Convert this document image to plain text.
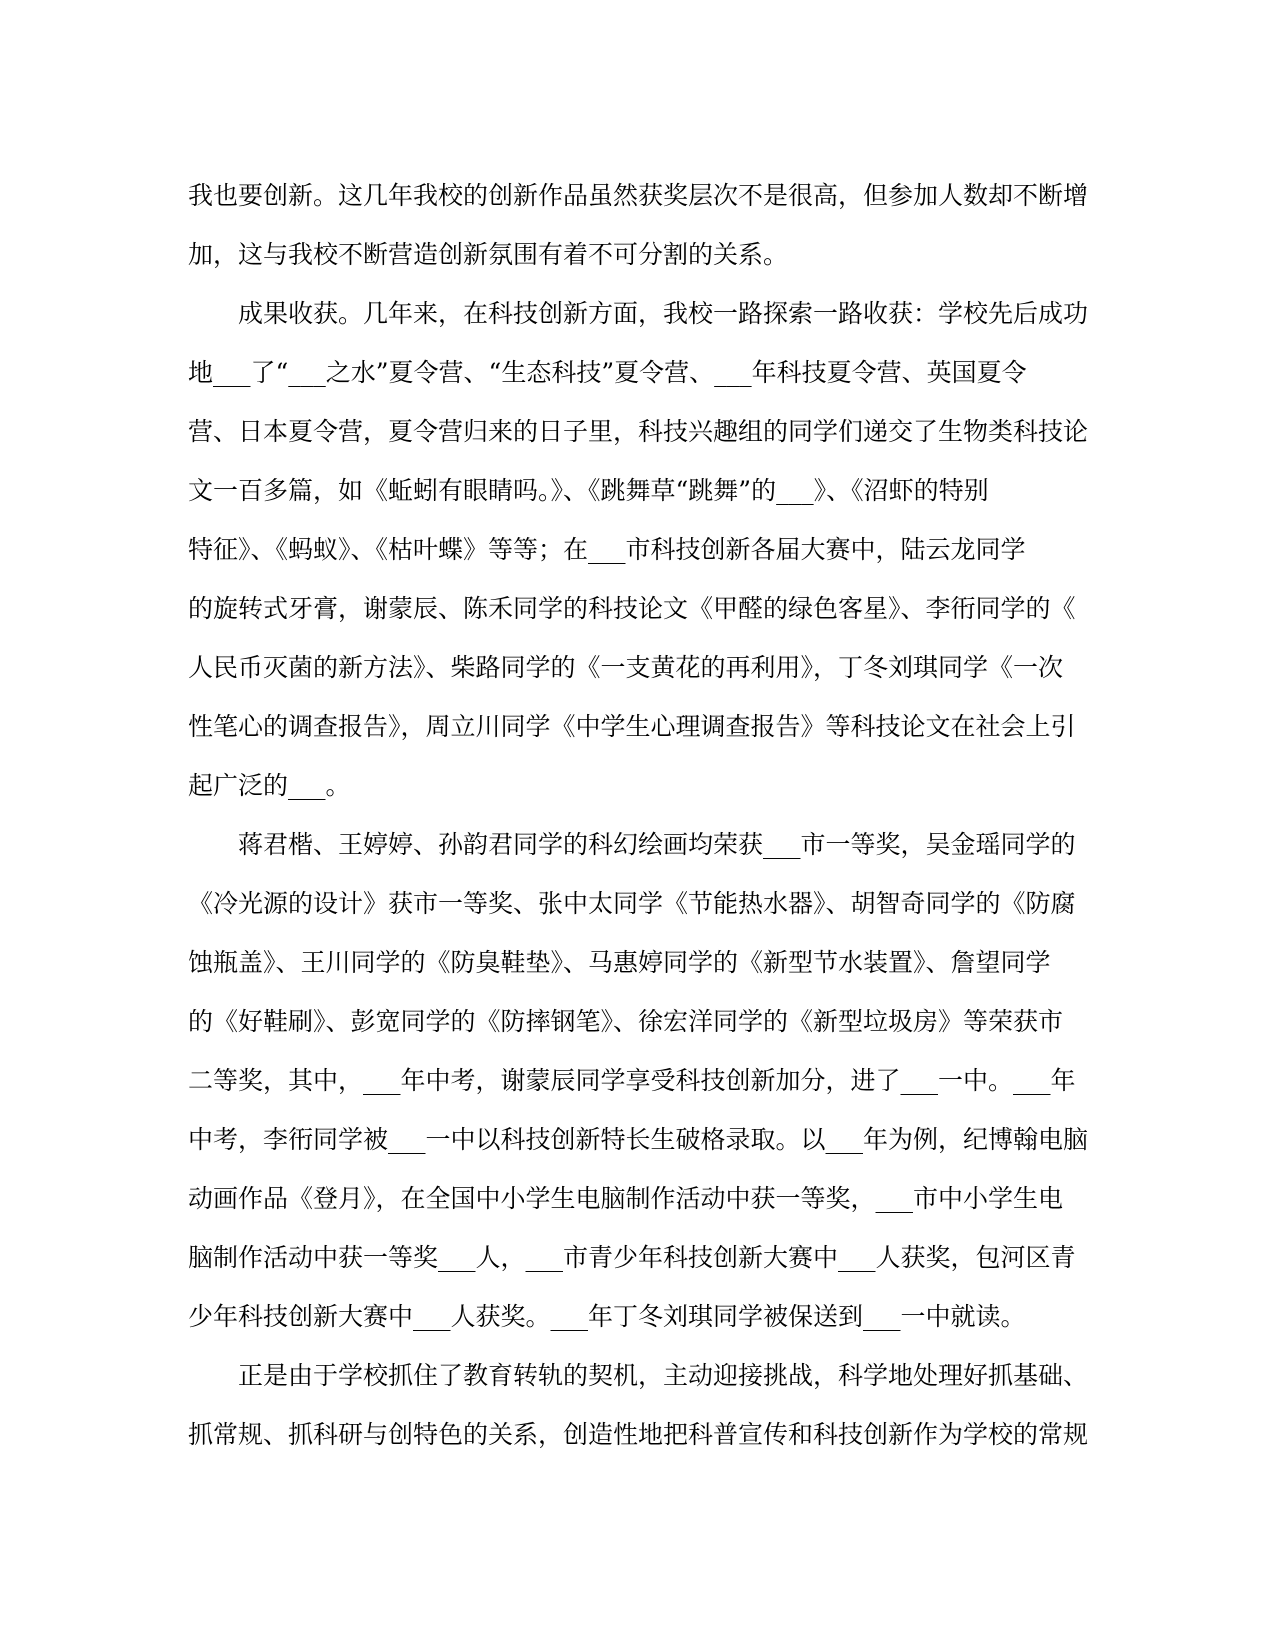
我也要创新。这几年我校的创新作品虽然获奖层次不是很高，但参加人数却不断增
加，这与我校不断营造创新氛围有着不可分割的关系。
成果收获。几年来，在科技创新方面，我校一路探索一路收获：学校先后成功
地___了“___之水”夏令营、“生态科技”夏令营、___年科技夏令营、英国夏令
营、日本夏令营，夏令营归来的日子里，科技兴趣组的同学们递交了生物类科技论
文一百多篇，如《蚯蚓有眼睛吗。》、《跳舞草“跳舞”的___》、《沼虾的特别
特征》、《蚂蚁》、《枯叶蝶》等等；在___市科技创新各届大赛中，陆云龙同学
的旋转式牙膏，谢蒙辰、陈禾同学的科技论文《甲醛的绿色客星》、李衎同学的《
人民币灭菌的新方法》、柴路同学的《一支黄花的再利用》，丁冬刘琪同学《一次
性笔心的调查报告》，周立川同学《中学生心理调查报告》等科技论文在社会上引
起广泛的___。
蒋君楷、王婷婷、孙韵君同学的科幻绘画均荣获___市一等奖，吴金瑶同学的
《冷光源的设计》获市一等奖、张中太同学《节能热水器》、胡智奇同学的《防腐
蚀瓶盖》、王川同学的《防臭鞋垫》、马惠婷同学的《新型节水装置》、詹望同学
的《好鞋刷》、彭宽同学的《防摔钢笔》、徐宏洋同学的《新型垃圾房》等荣获市
二等奖，其中，___年中考，谢蒙辰同学享受科技创新加分，进了___一中。___年
中考，李衎同学被___一中以科技创新特长生破格录取。以___年为例，纪博翰电脑
动画作品《登月》，在全国中小学生电脑制作活动中获一等奖，___市中小学生电
脑制作活动中获一等奖___人，___市青少年科技创新大赛中___人获奖，包河区青
少年科技创新大赛中___人获奖。___年丁冬刘琪同学被保送到___一中就读。
正是由于学校抓住了教育转轨的契机，主动迎接挑战，科学地处理好抓基础、
抓常规、抓科研与创特色的关系，创造性地把科普宣传和科技创新作为学校的常规
